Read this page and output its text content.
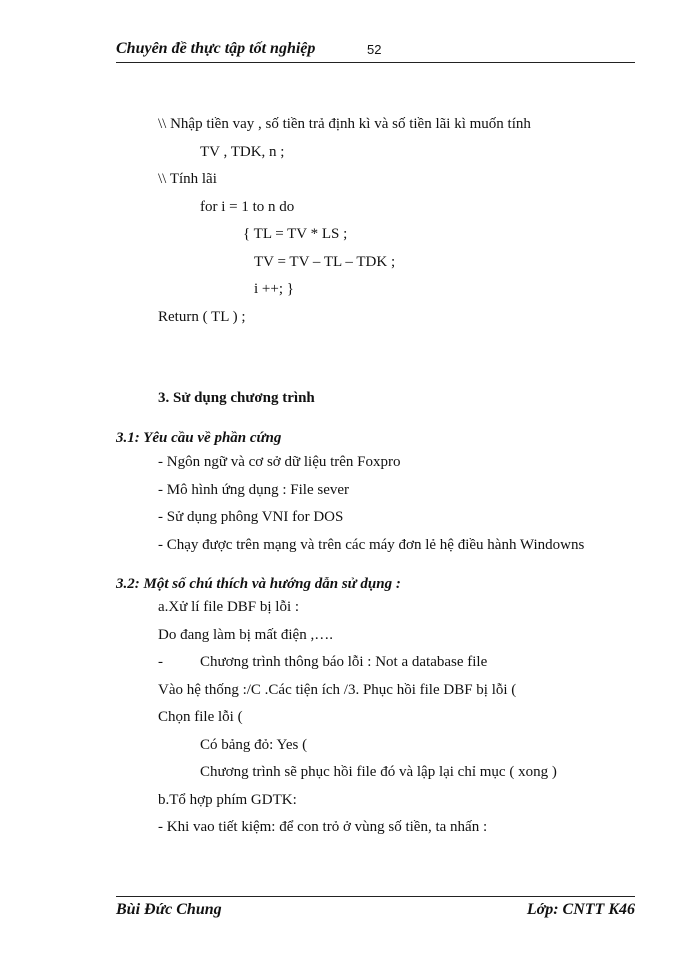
Chuyên đề thực tập tốt nghiệp	52
\\ Nhập tiền vay , số tiền trả định kì và số tiền lãi kì muốn tính
TV , TDK, n ;
\\ Tính lãi
for i = 1 to n do
{ TL = TV * LS ;
TV = TV – TL – TDK ;
i ++; }
Return ( TL ) ;
3. Sử dụng chương trình
3.1: Yêu cầu về phần cứng
- Ngôn ngữ và cơ sở dữ liệu trên Foxpro
- Mô hình ứng dụng : File sever
- Sử dụng phông VNI for DOS
- Chạy được trên mạng và trên các máy đơn lẻ hệ điều hành Windowns
3.2: Một số chú thích và hướng dẫn sử dụng :
a.Xử lí file DBF bị lỗi :
Do đang làm bị mất điện ,….
- Chương trình thông báo lỗi : Not a database file
Vào hệ thống :/C .Các tiện ích /3. Phục hồi file DBF bị lỗi (
Chọn file lỗi (
Có bảng đỏ: Yes (
Chương trình sẽ phục hồi file đó và lập lại chỉ mục ( xong )
b.Tổ hợp phím GDTK:
- Khi vao tiết kiệm: để con trỏ ở vùng số tiền, ta nhấn :
Bùi Đức Chung	Lớp: CNTT K46
